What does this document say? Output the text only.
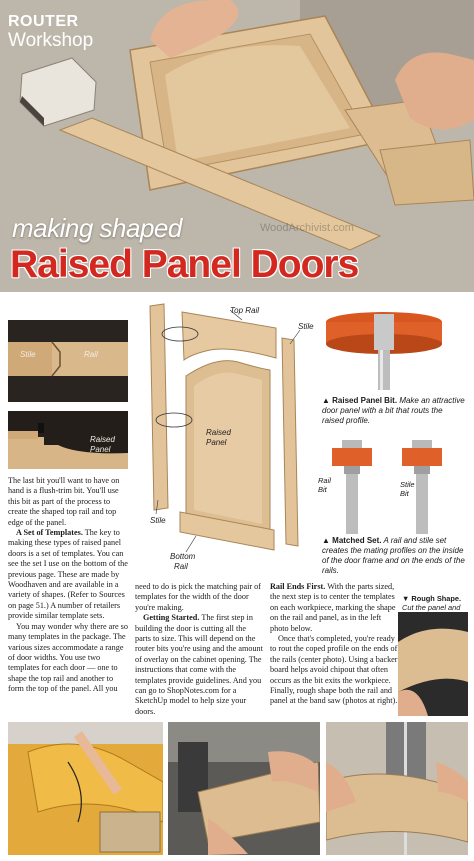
ROUTER
Workshop
WoodArchivist.com
making shaped
Raised Panel Doors
Stile	Rail
Raised
Panel
Top Rail
Stile
Raised
Panel
Stile
Bottom
Rail
▲ Raised Panel Bit. Make an attractive door panel with a bit that routs the raised profile.
Rail
Bit
Stile
Bit
▲ Matched Set. A rail and stile set creates the mating profiles on the inside of the door frame and on the ends of the rails.
▼ Rough Shape. Cut the panel and

The last bit you'll want to have on hand is a flush-trim bit. You'll use this bit as part of the process to create the shaped top rail and top edge of the panel.

A Set of Templates. The key to making these types of raised panel doors is a set of templates. You can see the set I use on the bottom of the previous page. These are made by Woodhaven and are available in a variety of shapes. (Refer to Sources on page 51.) A number of retailers provide similar template sets.

You may wonder why there are so many templates in the package. The various sizes accommodate a range of door widths. You use two templates for each door — one to shape the top rail and another to form the top of the panel. All you

need to do is pick the matching pair of templates for the width of the door you're making.

Getting Started. The first step in building the door is cutting all the parts to size. This will depend on the router bits you're using and the amount of overlay on the cabinet opening. The instructions that come with the templates provide guidelines. And you can go to ShopNotes.com for a SketchUp model to help size your doors.

Rail Ends First. With the parts sized, the next step is to center the templates on each workpiece, marking the shape on the rail and panel, as in the left photo below.

Once that's completed, you're ready to rout the coped profile on the ends of the rails (center photo). Using a backer board helps avoid chipout that often occurs as the bit exits the workpiece. Finally, rough shape both the rail and panel at the band saw (photos at right).
